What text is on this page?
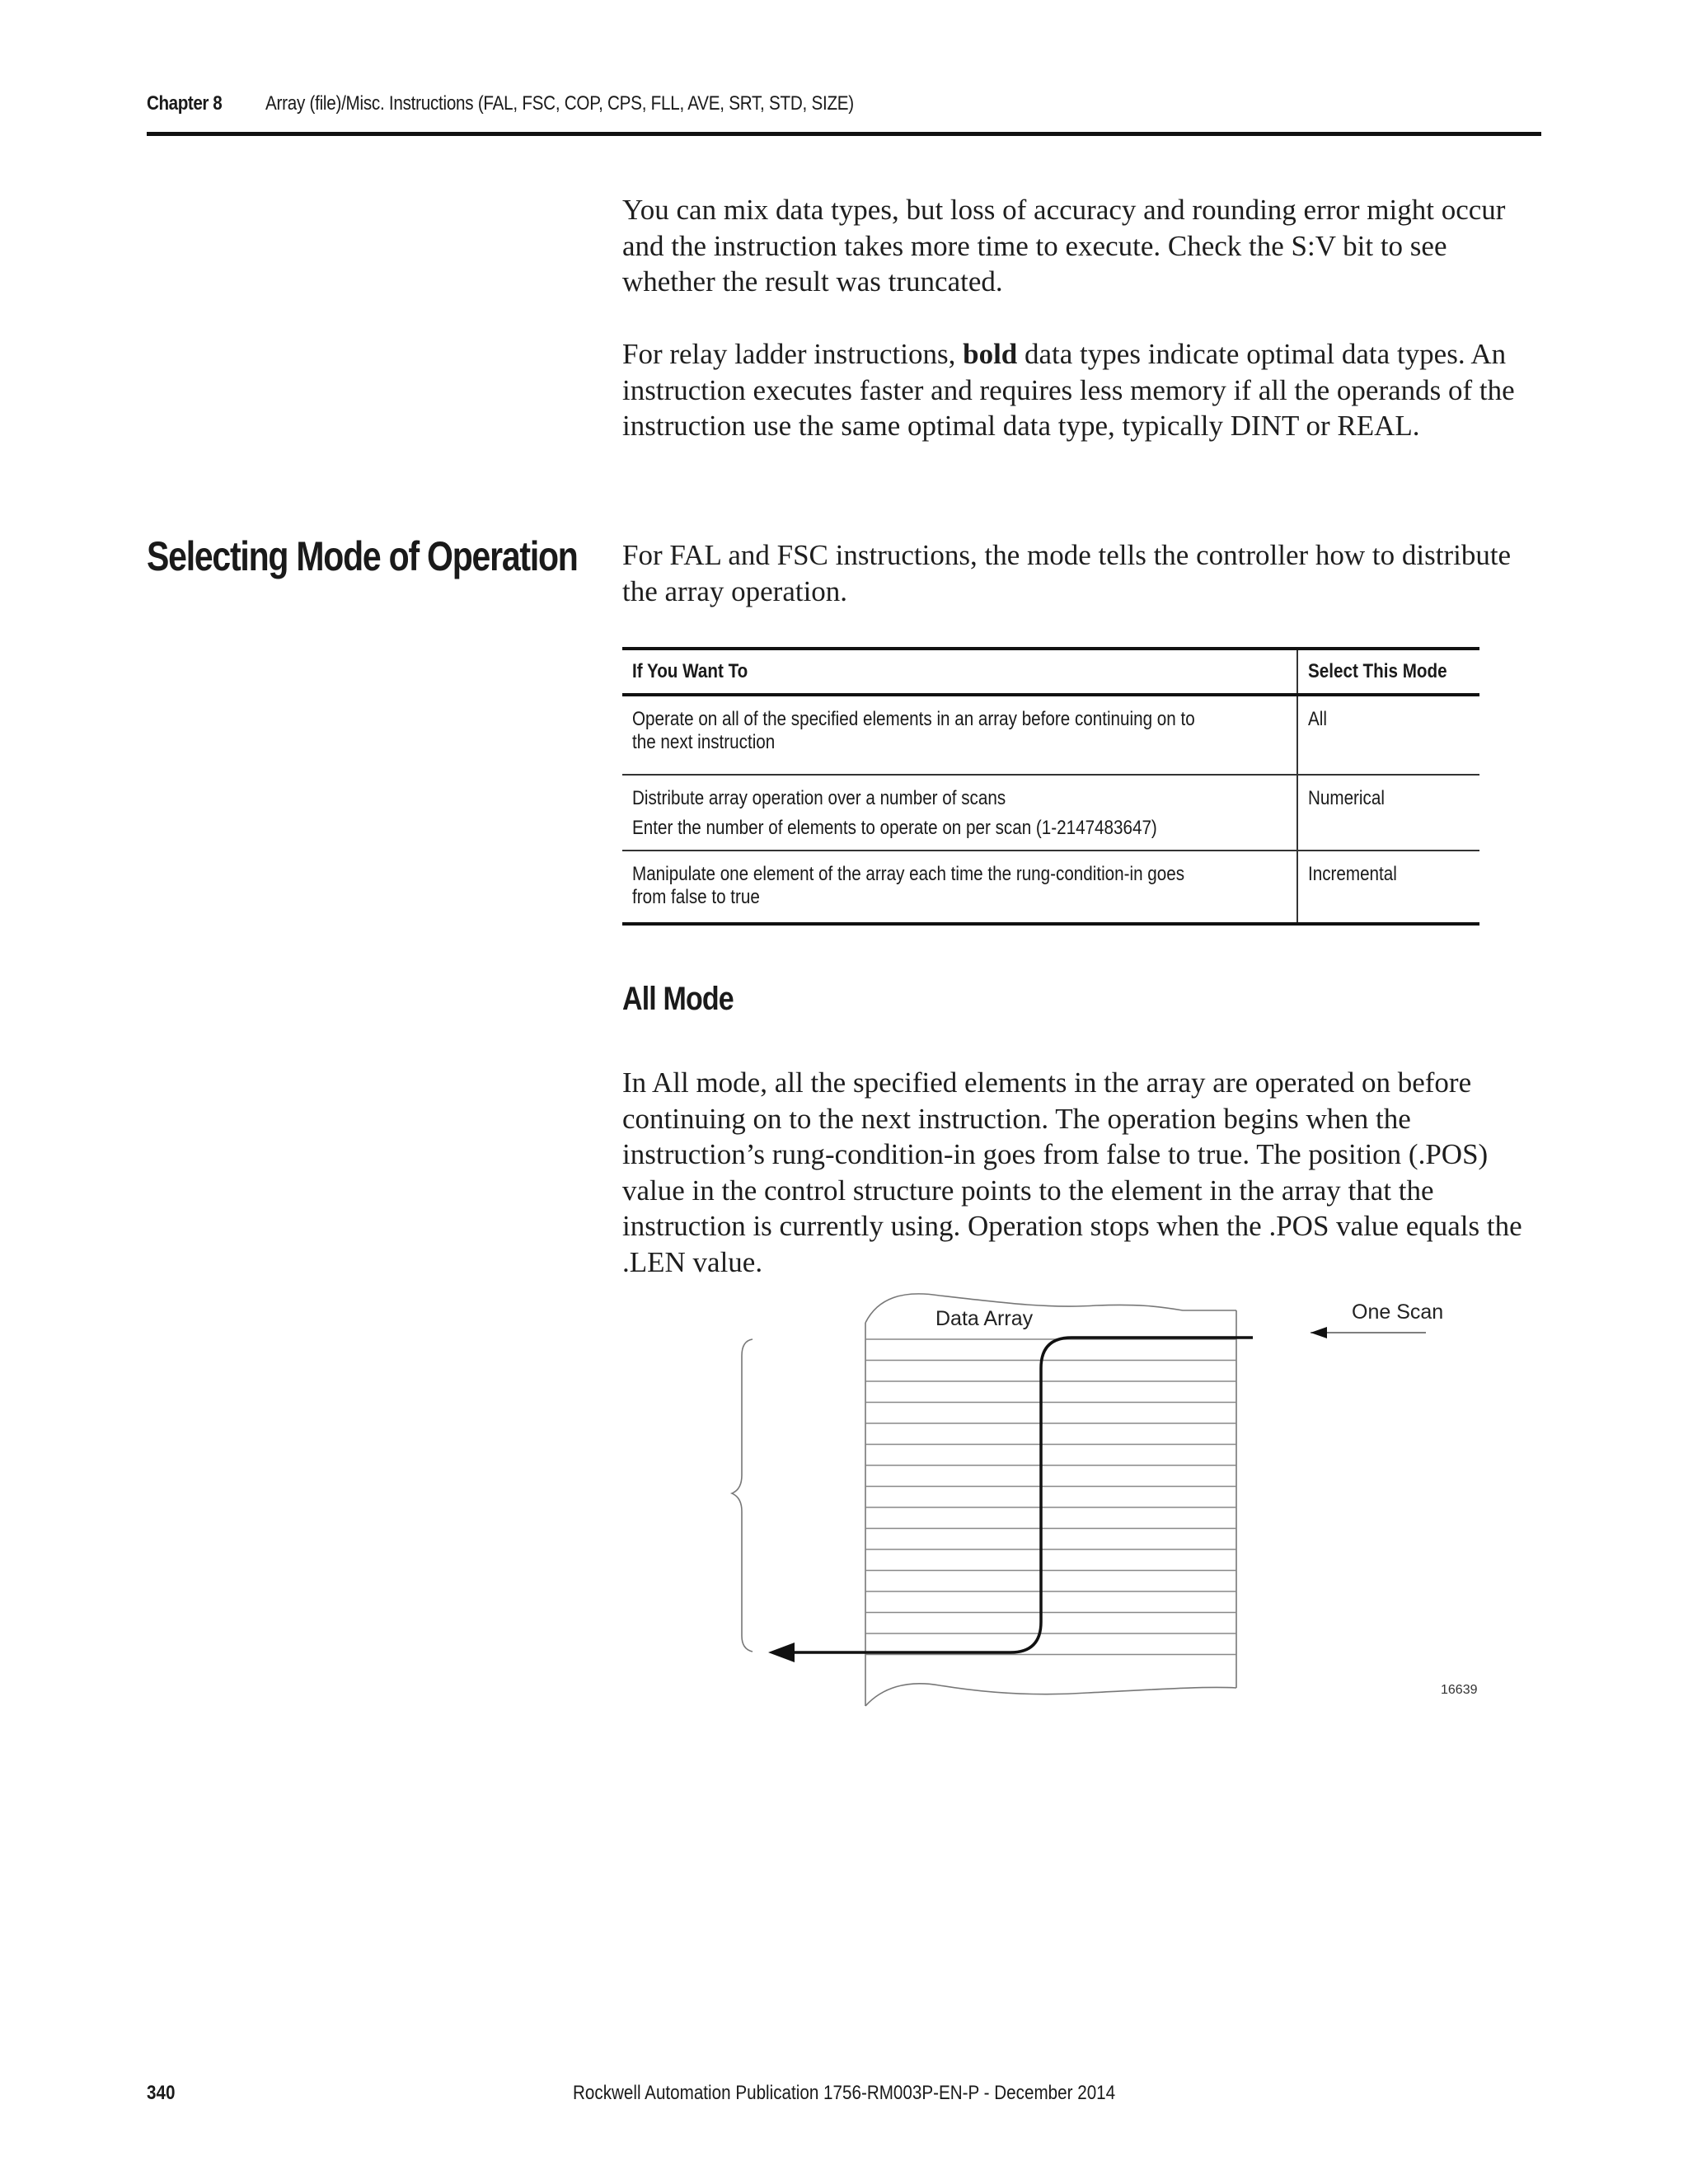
Chapter 8 Array (file)/Misc. Instructions (FAL, FSC, COP, CPS, FLL, AVE, SRT, STD, SIZE)

You can mix data types, but loss of accuracy and rounding error might occur and the instruction takes more time to execute. Check the S:V bit to see whether the result was truncated.

For relay ladder instructions, bold data types indicate optimal data types. An instruction executes faster and requires less memory if all the operands of the instruction use the same optimal data type, typically DINT or REAL.

Selecting Mode of Operation For FAL and FSC instructions, the mode tells the controller how to distribute the array operation.

If You Want To	Select This Mode

Operate on all of the specified elements in an array before continuing on to
the next instruction	All

Distribute array operation over a number of scans
Enter the number of elements to operate on per scan (1-2147483647)	Numerical

Manipulate one element of the array each time the rung-condition-in goes
from false to true	Incremental
All Mode

In All mode, all the specified elements in the array are operated on before continuing on to the next instruction. The operation begins when the instruction’s rung-condition-in goes from false to true. The position (.POS) value in the control structure points to the element in the array that the instruction is currently using. Operation stops when the .POS value equals the .LEN value.

Data Array	One Scan
16639
340	Rockwell Automation Publication 1756-RM003P-EN-P - December 2014
